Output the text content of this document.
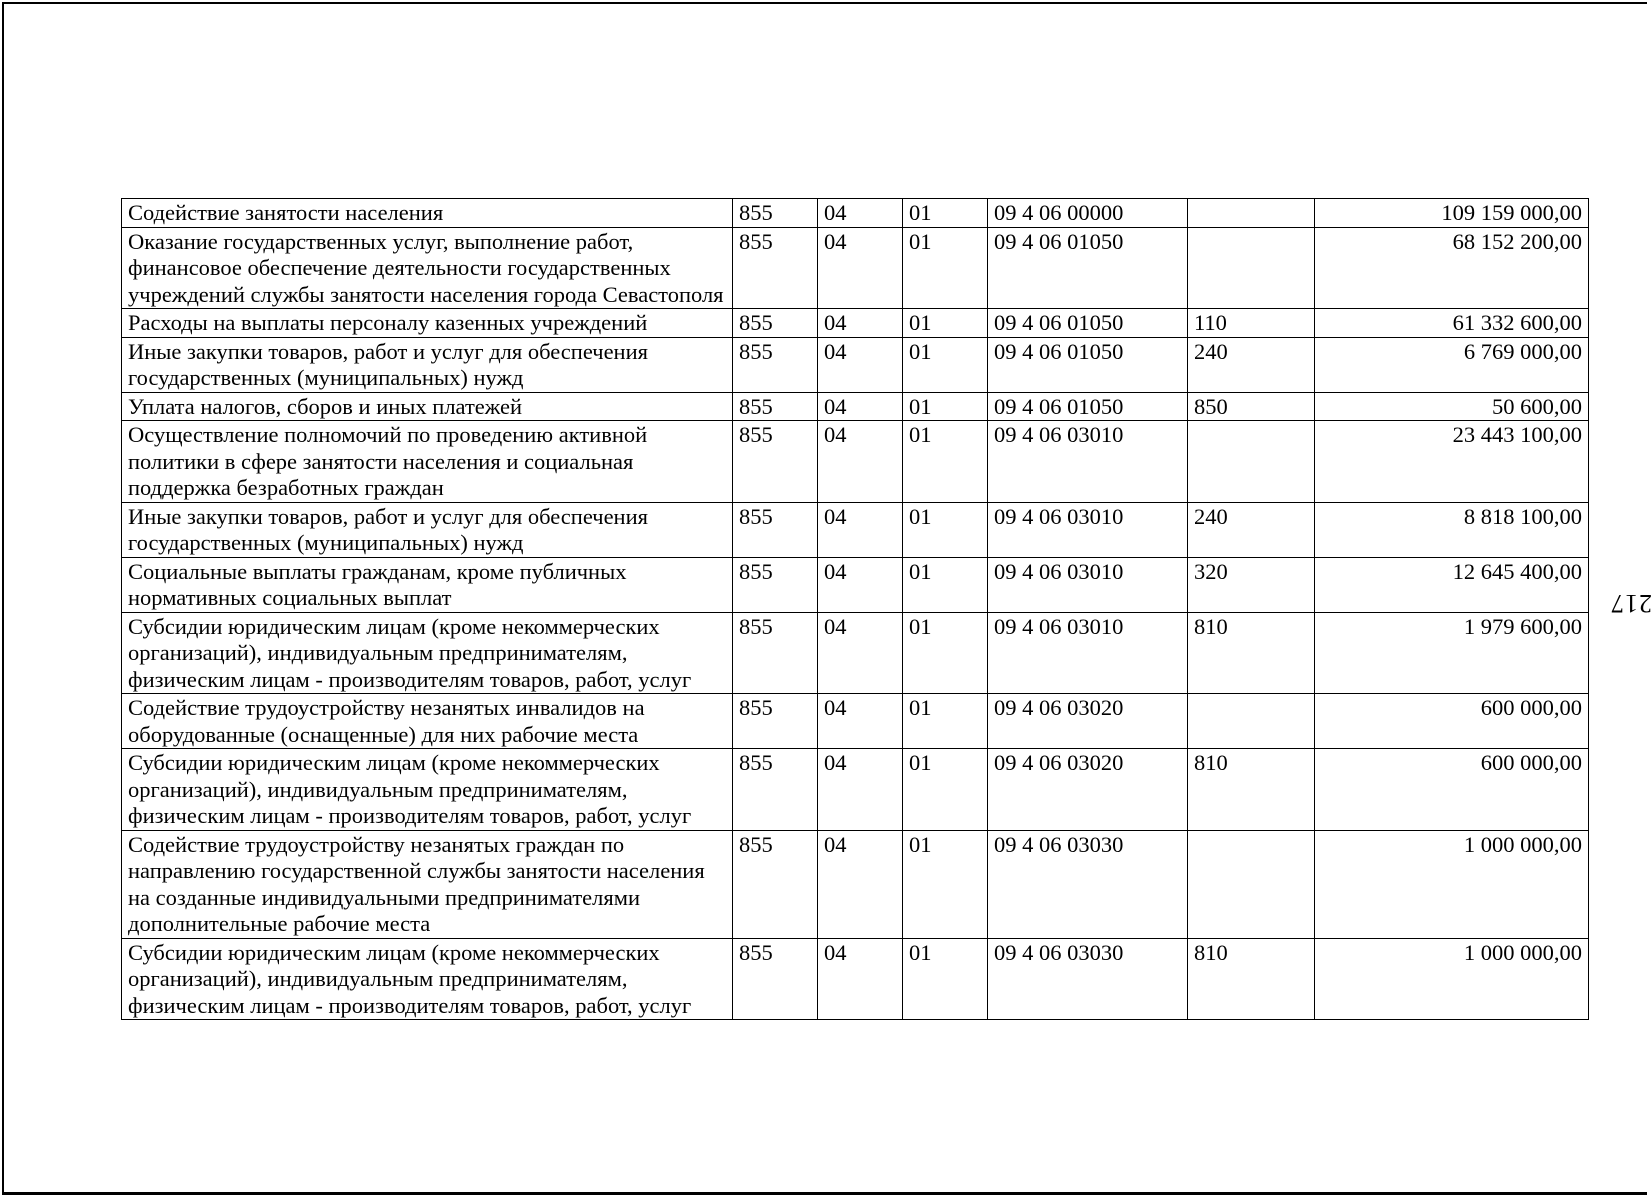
217
Содействие занятости населения	855	04	01	09 4 06 00000		109 159 000,00
Оказание государственных услуг, выполнение работ, финансовое обеспечение деятельности государственных учреждений службы занятости населения города Севастополя	855	04	01	09 4 06 01050		68 152 200,00
Расходы на выплаты персоналу казенных учреждений	855	04	01	09 4 06 01050	110	61 332 600,00
Иные закупки товаров, работ и услуг для обеспечения государственных (муниципальных) нужд	855	04	01	09 4 06 01050	240	6 769 000,00
Уплата налогов, сборов и иных платежей	855	04	01	09 4 06 01050	850	50 600,00
Осуществление полномочий по проведению активной политики в сфере занятости населения и социальная поддержка безработных граждан	855	04	01	09 4 06 03010		23 443 100,00
Иные закупки товаров, работ и услуг для обеспечения государственных (муниципальных) нужд	855	04	01	09 4 06 03010	240	8 818 100,00
Социальные выплаты гражданам, кроме публичных нормативных социальных выплат	855	04	01	09 4 06 03010	320	12 645 400,00
Субсидии юридическим лицам (кроме некоммерческих организаций), индивидуальным предпринимателям, физическим лицам - производителям товаров, работ, услуг	855	04	01	09 4 06 03010	810	1 979 600,00
Содействие трудоустройству незанятых инвалидов на оборудованные (оснащенные) для них рабочие места	855	04	01	09 4 06 03020		600 000,00
Субсидии юридическим лицам (кроме некоммерческих организаций), индивидуальным предпринимателям, физическим лицам - производителям товаров, работ, услуг	855	04	01	09 4 06 03020	810	600 000,00
Содействие трудоустройству незанятых граждан по направлению государственной службы занятости населения на созданные индивидуальными предпринимателями дополнительные рабочие места	855	04	01	09 4 06 03030		1 000 000,00
Субсидии юридическим лицам (кроме некоммерческих организаций), индивидуальным предпринимателям, физическим лицам - производителям товаров, работ, услуг	855	04	01	09 4 06 03030	810	1 000 000,00
